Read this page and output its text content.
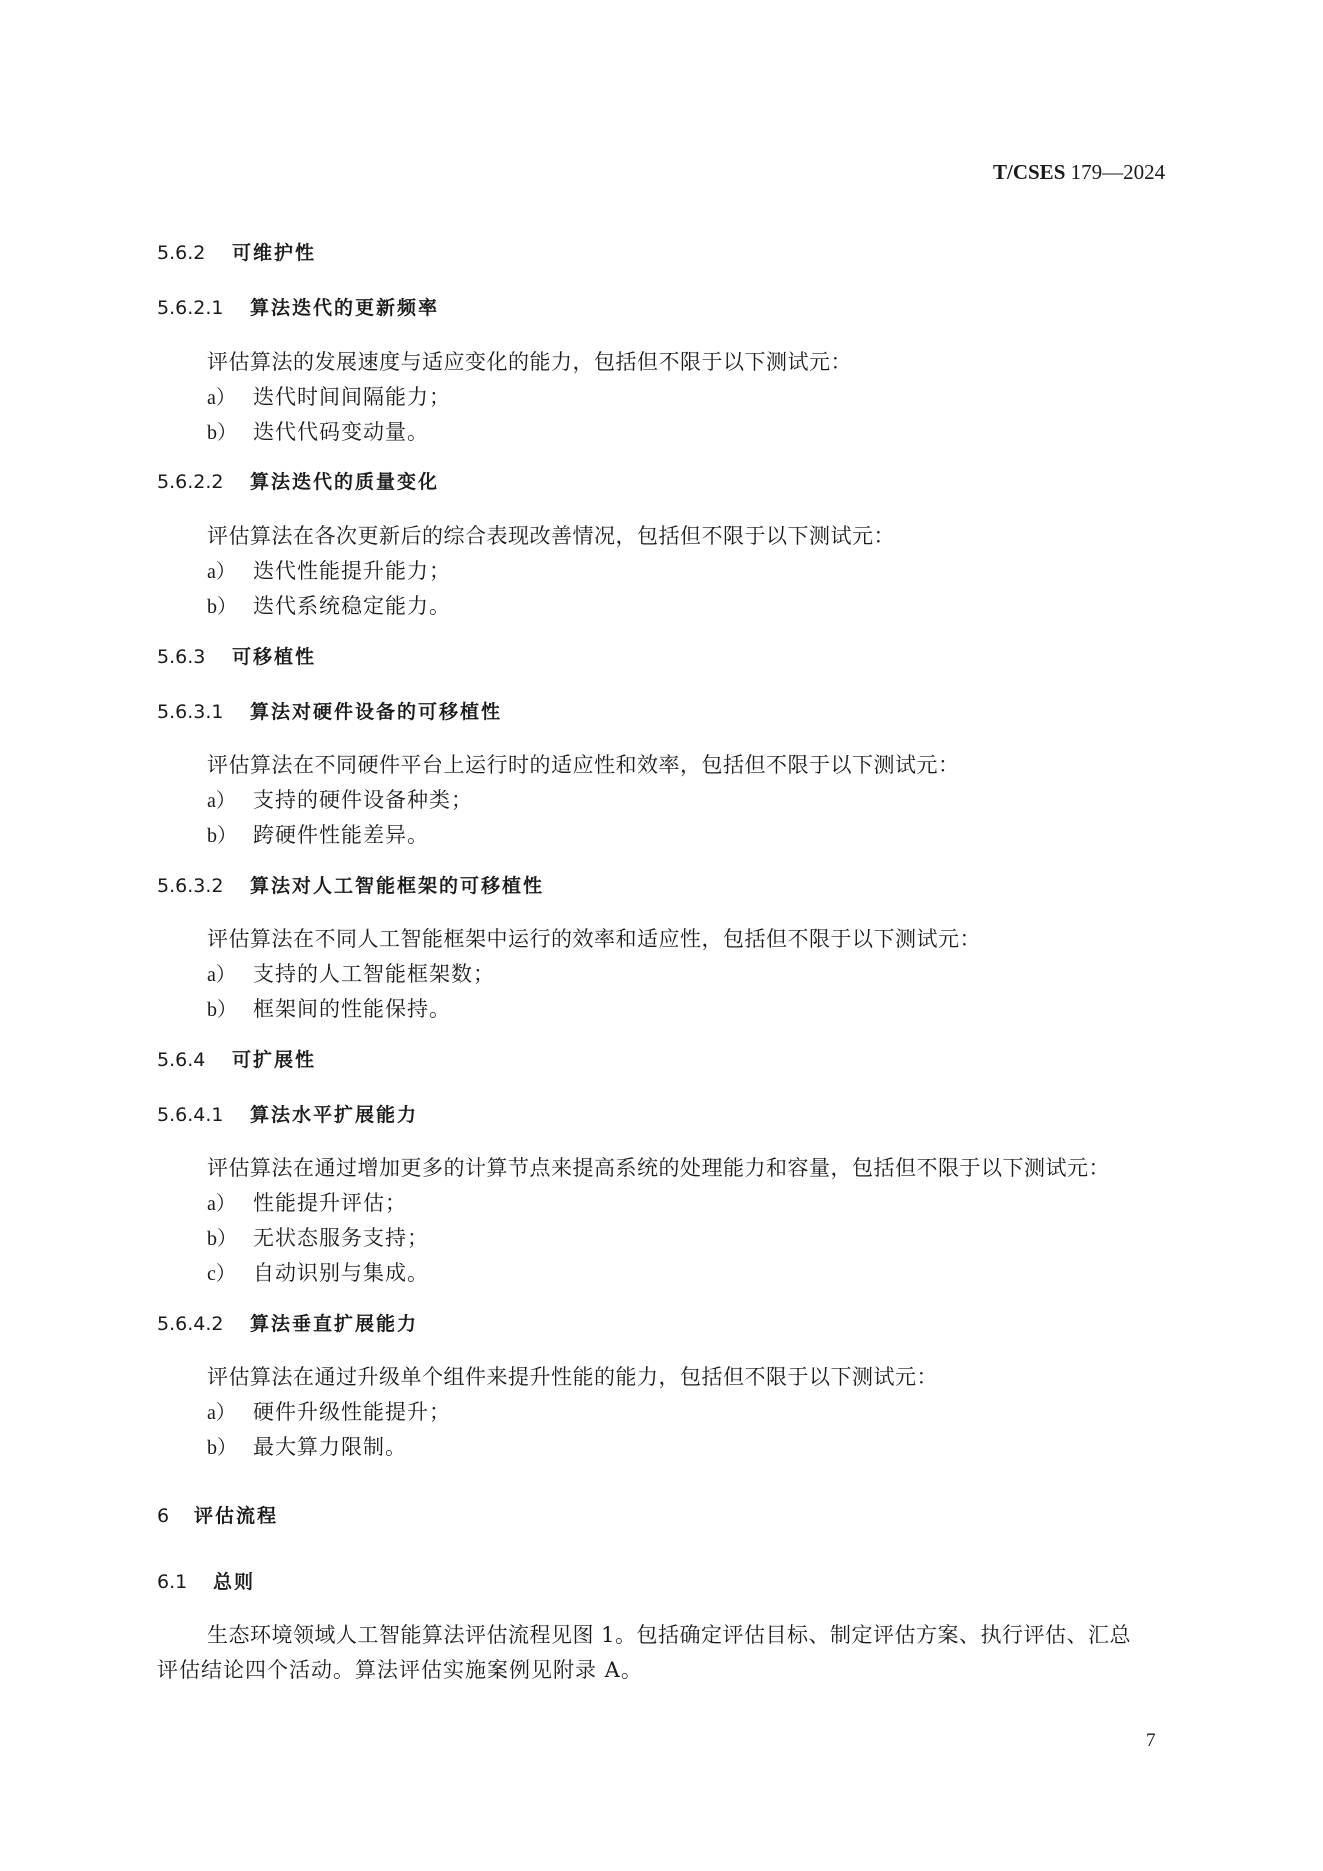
T/CSES 179—2024
5.6.2 可维护性
5.6.2.1 算法迭代的更新频率
评估算法的发展速度与适应变化的能力，包括但不限于以下测试元：
a） 迭代时间间隔能力；
b） 迭代代码变动量。
5.6.2.2 算法迭代的质量变化
评估算法在各次更新后的综合表现改善情况，包括但不限于以下测试元：
a） 迭代性能提升能力；
b） 迭代系统稳定能力。
5.6.3 可移植性
5.6.3.1 算法对硬件设备的可移植性
评估算法在不同硬件平台上运行时的适应性和效率，包括但不限于以下测试元：
a） 支持的硬件设备种类；
b） 跨硬件性能差异。
5.6.3.2 算法对人工智能框架的可移植性
评估算法在不同人工智能框架中运行的效率和适应性，包括但不限于以下测试元：
a） 支持的人工智能框架数；
b） 框架间的性能保持。
5.6.4 可扩展性
5.6.4.1 算法水平扩展能力
评估算法在通过增加更多的计算节点来提高系统的处理能力和容量，包括但不限于以下测试元：
a） 性能提升评估；
b） 无状态服务支持；
c） 自动识别与集成。
5.6.4.2 算法垂直扩展能力
评估算法在通过升级单个组件来提升性能的能力，包括但不限于以下测试元：
a） 硬件升级性能提升；
b） 最大算力限制。
6 评估流程
6.1 总则
生态环境领域人工智能算法评估流程见图 1。包括确定评估目标、制定评估方案、执行评估、汇总
评估结论四个活动。算法评估实施案例见附录 A。
7
